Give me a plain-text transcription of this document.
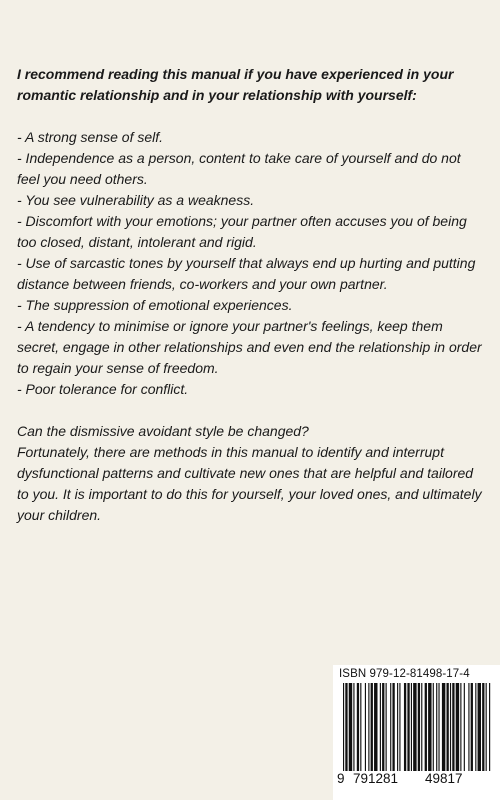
I recommend reading this manual if you have experienced in your romantic relationship and in your relationship with yourself:

- A strong sense of self.

- Independence as a person, content to take care of yourself and do not feel you need others.

- You see vulnerability as a weakness.

- Discomfort with your emotions; your partner often accuses you of being too closed, distant, intolerant and rigid.

- Use of sarcastic tones by yourself that always end up hurting and putting distance between friends, co-workers and your own partner.

- The suppression of emotional experiences.

- A tendency to minimise or ignore your partner's feelings, keep them secret, engage in other relationships and even end the relationship in order to regain your sense of freedom.

- Poor tolerance for conflict.

Can the dismissive avoidant style be changed?

Fortunately, there are methods in this manual to identify and interrupt dysfunctional patterns and cultivate new ones that are helpful and tailored to you. It is important to do this for yourself, your loved ones, and ultimately your children.

ISBN 979-12-81498-17-4
9 791281 49817
